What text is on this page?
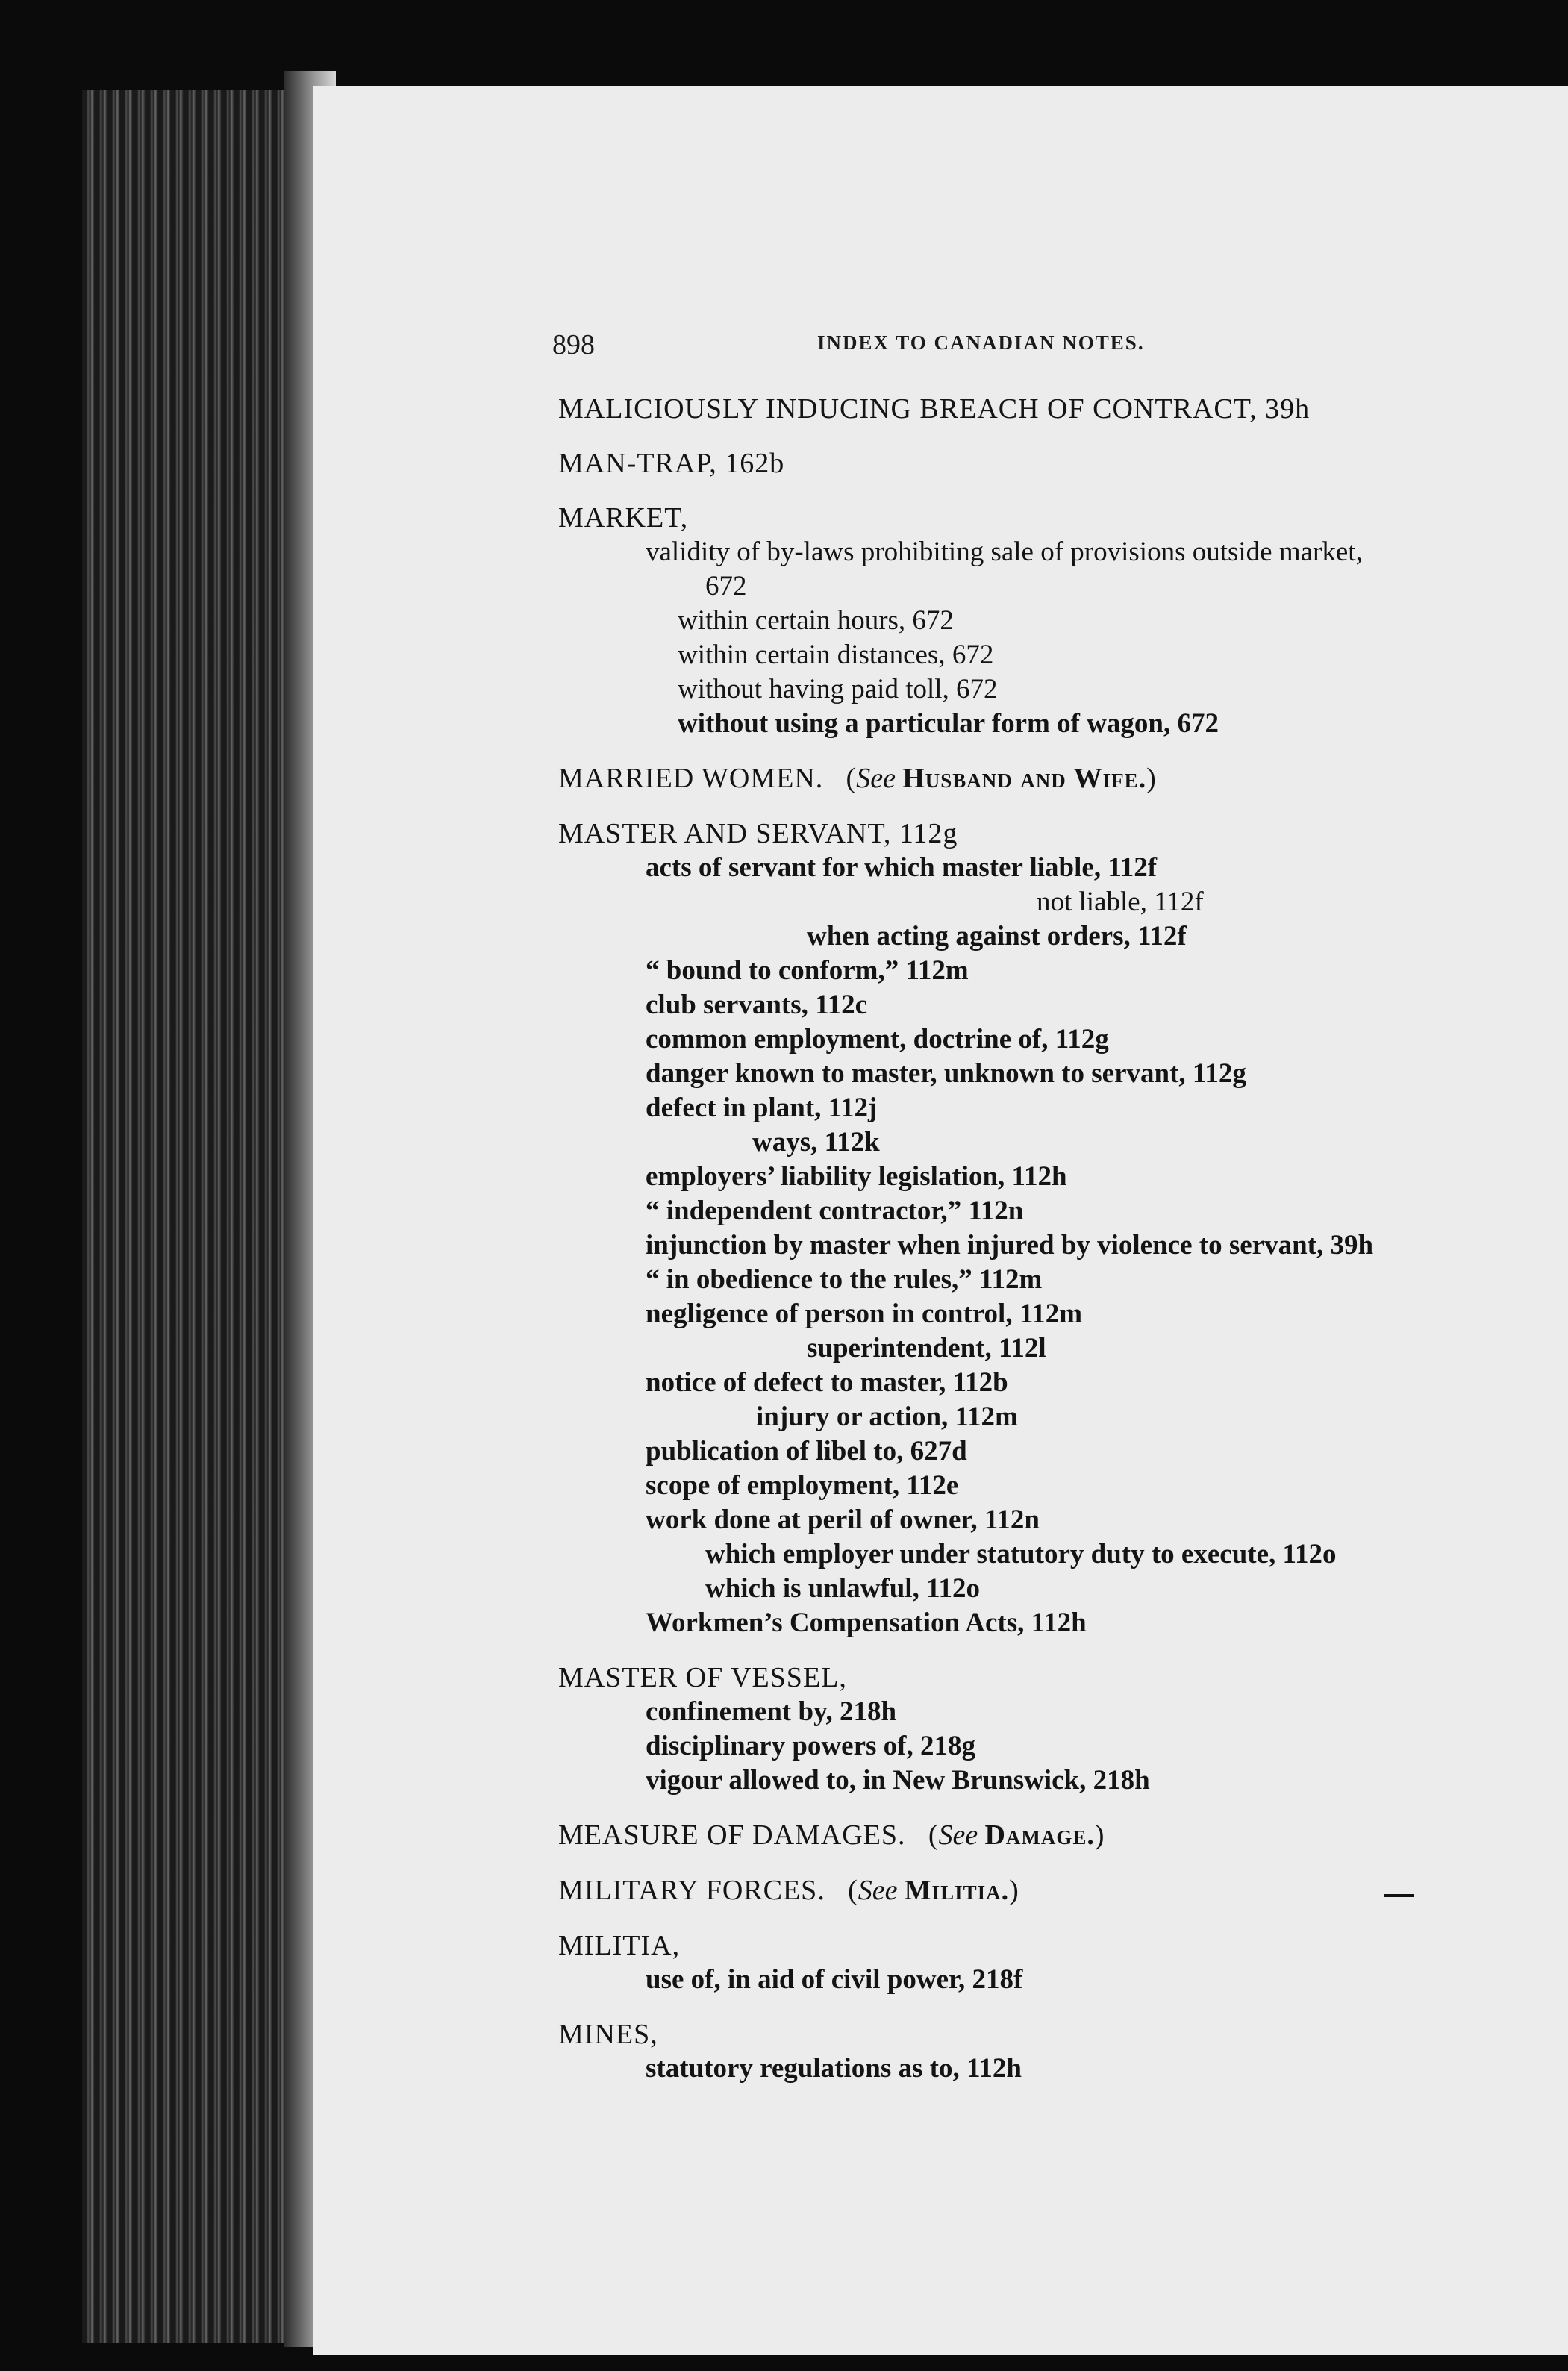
898	INDEX TO CANADIAN NOTES.
MALICIOUSLY INDUCING BREACH OF CONTRACT, 39h
MAN-TRAP, 162b
MARKET,
validity of by-laws prohibiting sale of provisions outside market,
672
within certain hours, 672
within certain distances, 672
without having paid toll, 672
without using a particular form of wagon, 672
MARRIED WOMEN.   (See Husband and Wife.)
MASTER AND SERVANT, 112g
acts of servant for which master liable, 112f
not liable, 112f
when acting against orders, 112f
“ bound to conform,” 112m
club servants, 112c
common employment, doctrine of, 112g
danger known to master, unknown to servant, 112g
defect in plant, 112j
ways, 112k
employers’ liability legislation, 112h
“ independent contractor,” 112n
injunction by master when injured by violence to servant, 39h
“ in obedience to the rules,” 112m
negligence of person in control, 112m
superintendent, 112l
notice of defect to master, 112b
injury or action, 112m
publication of libel to, 627d
scope of employment, 112e
work done at peril of owner, 112n
which employer under statutory duty to execute, 112o
which is unlawful, 112o
Workmen’s Compensation Acts, 112h
MASTER OF VESSEL,
confinement by, 218h
disciplinary powers of, 218g
vigour allowed to, in New Brunswick, 218h
MEASURE OF DAMAGES.   (See Damage.)
MILITARY FORCES.   (See Militia.)
MILITIA,
use of, in aid of civil power, 218f
MINES,
statutory regulations as to, 112h
